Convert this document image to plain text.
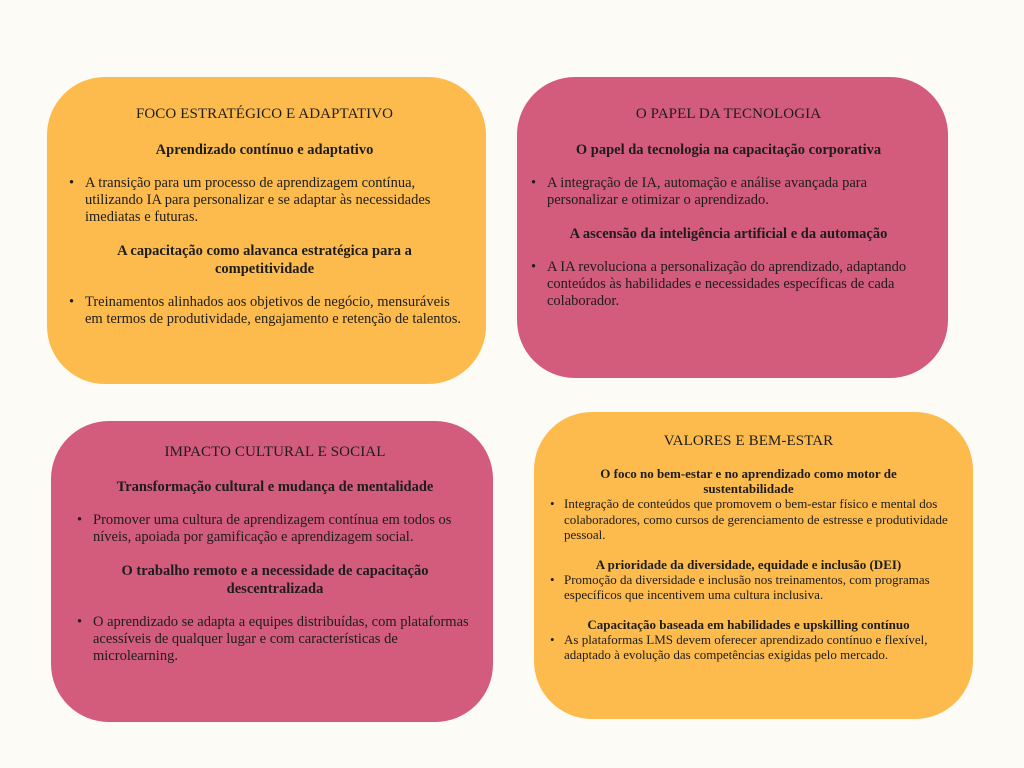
FOCO ESTRATÉGICO E ADAPTATIVO

Aprendizado contínuo e adaptativo

• A transição para um processo de aprendizagem contínua, utilizando IA para personalizar e se adaptar às necessidades imediatas e futuras.

A capacitação como alavanca estratégica para a competitividade

• Treinamentos alinhados aos objetivos de negócio, mensuráveis em termos de produtividade, engajamento e retenção de talentos.
O PAPEL DA TECNOLOGIA

O papel da tecnologia na capacitação corporativa

• A integração de IA, automação e análise avançada para personalizar e otimizar o aprendizado.

A ascensão da inteligência artificial e da automação

• A IA revoluciona a personalização do aprendizado, adaptando conteúdos às habilidades e necessidades específicas de cada colaborador.
IMPACTO CULTURAL E SOCIAL

Transformação cultural e mudança de mentalidade

• Promover uma cultura de aprendizagem contínua em todos os níveis, apoiada por gamificação e aprendizagem social.

O trabalho remoto e a necessidade de capacitação descentralizada

• O aprendizado se adapta a equipes distribuídas, com plataformas acessíveis de qualquer lugar e com características de microlearning.
VALORES E BEM-ESTAR

O foco no bem-estar e no aprendizado como motor de sustentabilidade

• Integração de conteúdos que promovem o bem-estar físico e mental dos colaboradores, como cursos de gerenciamento de estresse e produtividade pessoal.

A prioridade da diversidade, equidade e inclusão (DEI)

• Promoção da diversidade e inclusão nos treinamentos, com programas específicos que incentivem uma cultura inclusiva.

Capacitação baseada em habilidades e upskilling contínuo

• As plataformas LMS devem oferecer aprendizado contínuo e flexível, adaptado à evolução das competências exigidas pelo mercado.
